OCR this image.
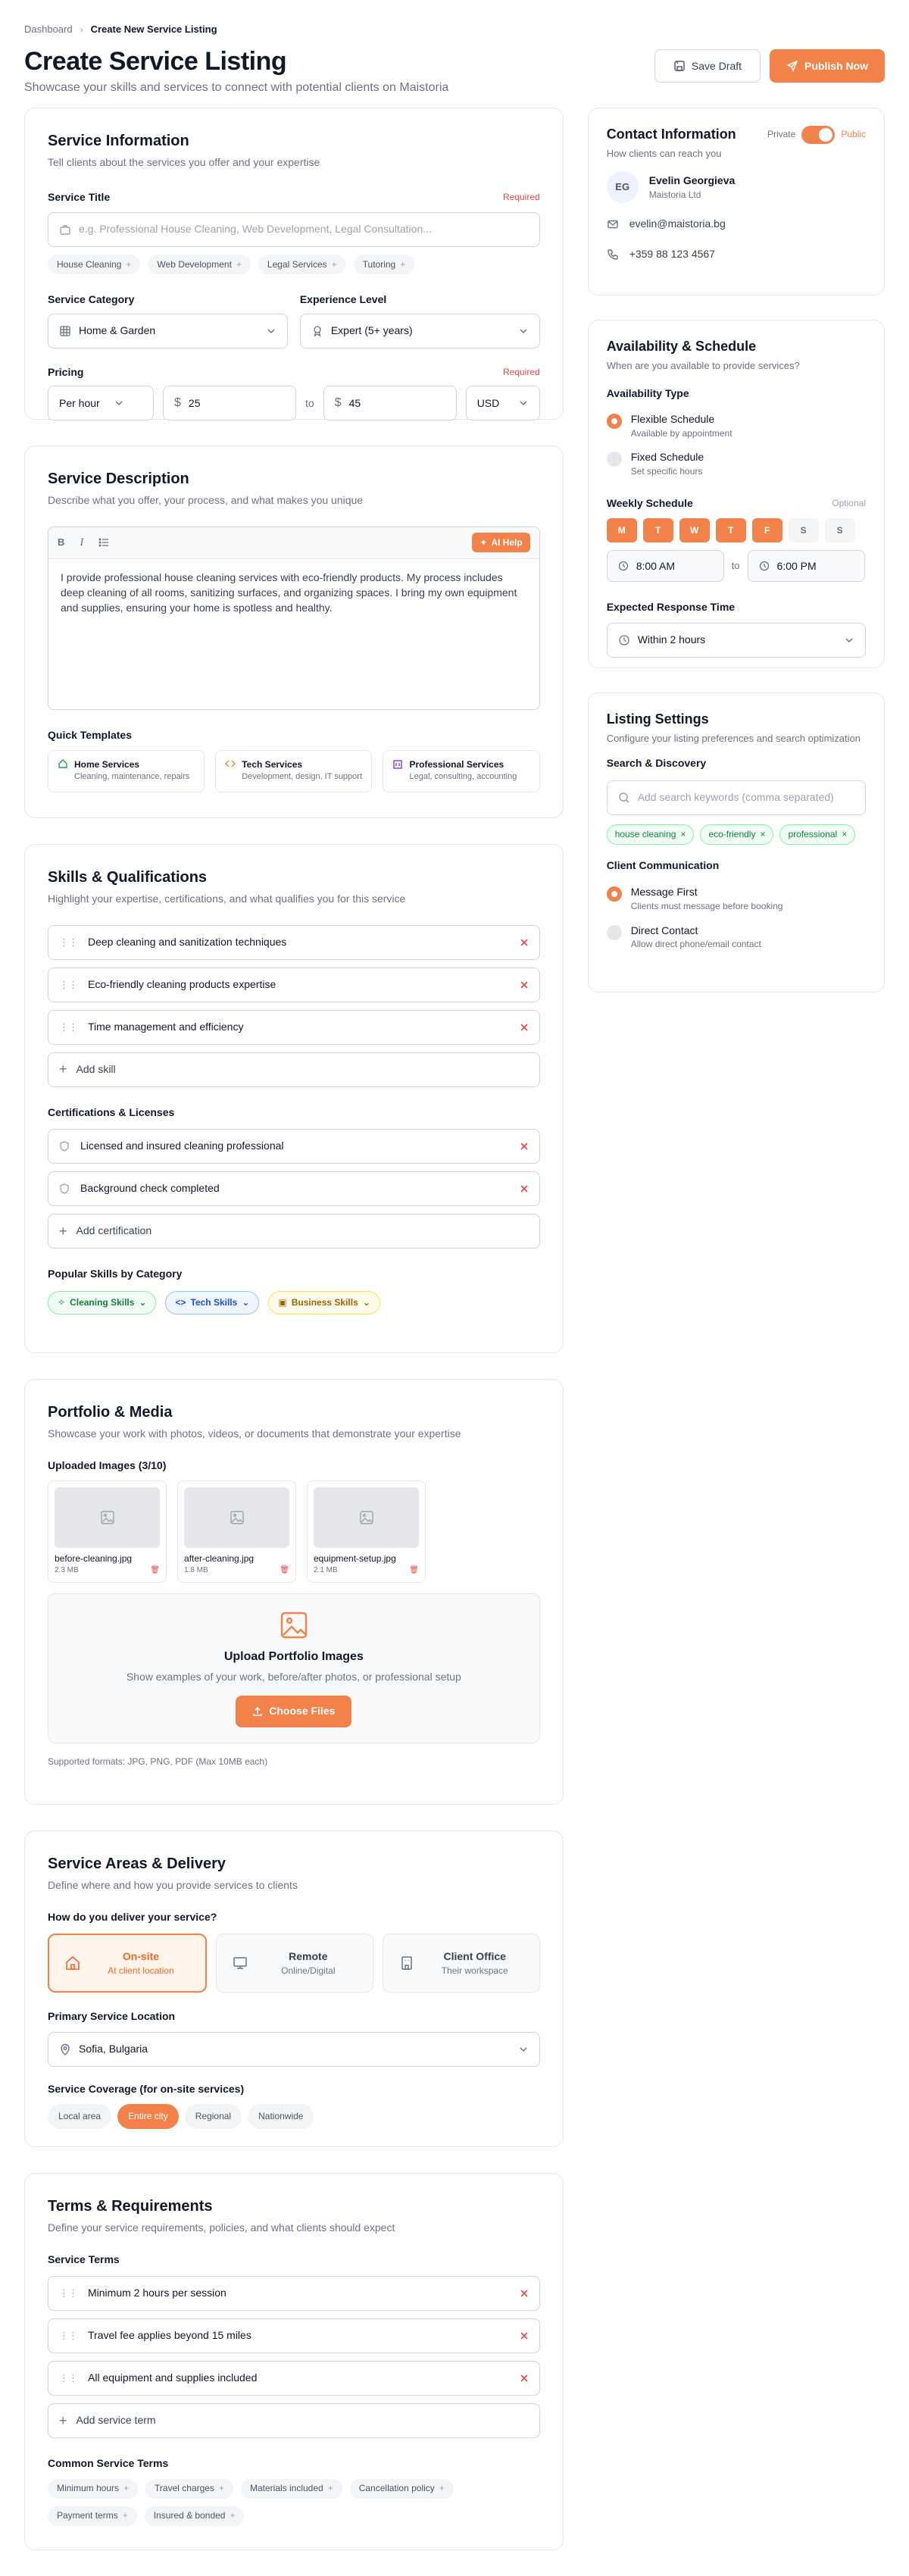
Dashboard › Create New Service Listing
Create Service Listing
Showcase your skills and services to connect with potential clients on Maistoria
Save Draft	Publish Now
Service Information
Tell clients about the services you offer and your expertise
Service Title	Required
e.g. Professional House Cleaning, Web Development, Legal Consultation...
House Cleaning +	Web Development +	Legal Services +	Tutoring +
Service Category
Home & Garden
Experience Level
Expert (5+ years)
Pricing	Required
Per hour	$ 25	to $ 45	USD
Service Description
Describe what you offer, your process, and what makes you unique
B I	✦ AI Help
I provide professional house cleaning services with eco-friendly products. My process includes deep cleaning of all rooms, sanitizing surfaces, and organizing spaces. I bring my own equipment and supplies, ensuring your home is spotless and healthy.
Quick Templates
Home Services
Cleaning, maintenance, repairs
Tech Services
Development, design, IT support
Professional Services
Legal, consulting, accounting
Skills & Qualifications
Highlight your expertise, certifications, and what qualifies you for this service
⋮⋮ Deep cleaning and sanitization techniques
⋮⋮ Eco-friendly cleaning products expertise
⋮⋮ Time management and efficiency
+ Add skill
Certifications & Licenses
Licensed and insured cleaning professional
Background check completed
+ Add certification
Popular Skills by Category
✧ Cleaning Skills ⌄	<> Tech Skills ⌄	▣ Business Skills ⌄
Portfolio & Media
Showcase your work with photos, videos, or documents that demonstrate your expertise
Uploaded Images (3/10)
before-cleaning.jpg
2.3 MB	🗑
after-cleaning.jpg
1.8 MB	🗑
equipment-setup.jpg
2.1 MB	🗑
Upload Portfolio Images
Show examples of your work, before/after photos, or professional setup
Choose Files
Supported formats: JPG, PNG, PDF (Max 10MB each)
Service Areas & Delivery
Define where and how you provide services to clients
How do you deliver your service?
On-site
At client location
Remote
Online/Digital
Client Office
Their workspace
Primary Service Location
Sofia, Bulgaria
Service Coverage (for on-site services)
Local area	Entire city	Regional	Nationwide
Terms & Requirements
Define your service requirements, policies, and what clients should expect
Service Terms
⋮⋮ Minimum 2 hours per session
⋮⋮ Travel fee applies beyond 15 miles
⋮⋮ All equipment and supplies included
+ Add service term
Common Service Terms
Minimum hours +	Travel charges +	Materials included +	Cancellation policy +
Payment terms +	Insured & bonded +
Contact Information	Private	Public
How clients can reach you
EG
Evelin Georgieva
Maistoria Ltd
evelin@maistoria.bg
+359 88 123 4567
Availability & Schedule
When are you available to provide services?
Availability Type
Flexible Schedule
Available by appointment
Fixed Schedule
Set specific hours
Weekly Schedule	Optional
M	T	W	T	F	S	S
8:00 AM	to	6:00 PM
Expected Response Time
Within 2 hours
Listing Settings
Configure your listing preferences and search optimization
Search & Discovery
Add search keywords (comma separated)
house cleaning ×	eco-friendly ×	professional ×
Client Communication
Message First
Clients must message before booking
Direct Contact
Allow direct phone/email contact
